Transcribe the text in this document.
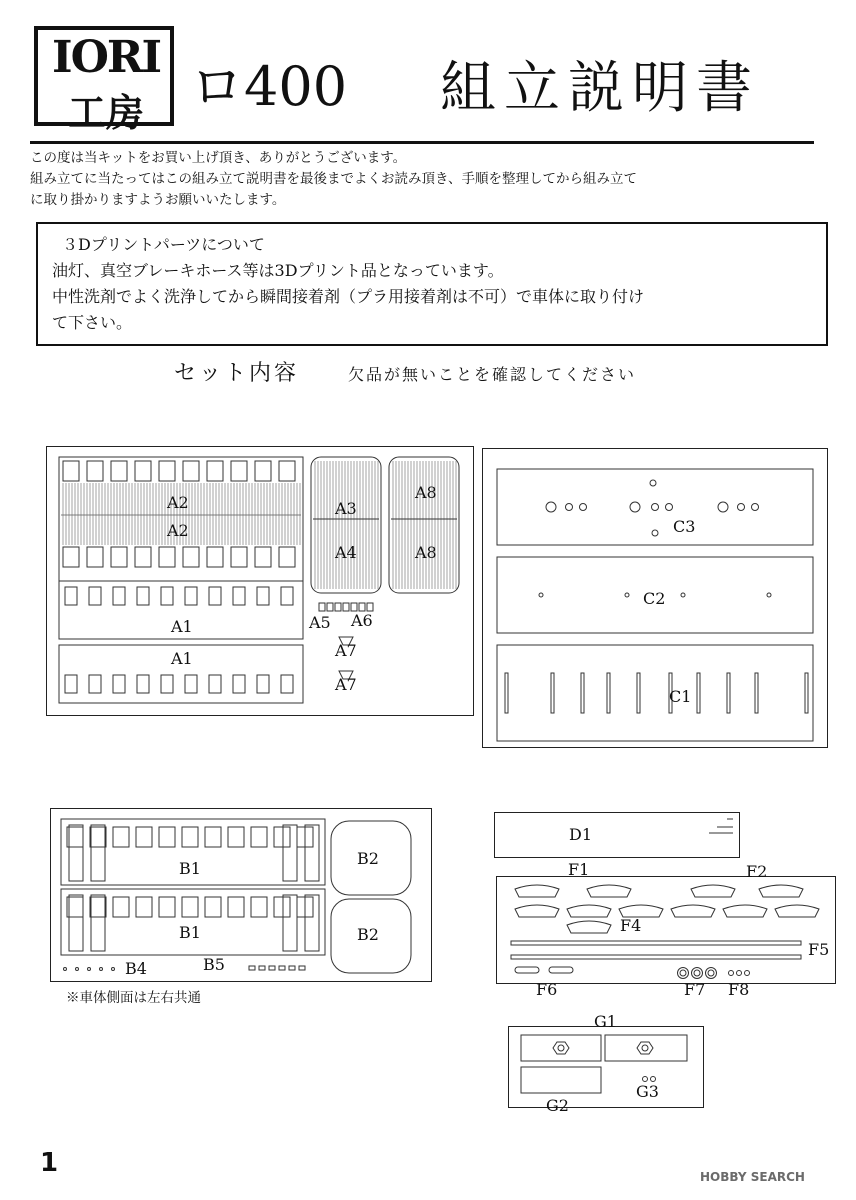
IORI
工房 ロ400 組立説明書
この度は当キットをお買い上げ頂き、ありがとうございます。
組み立てに当たってはこの組み立て説明書を最後までよくお読み頂き、手順を整理してから組み立て
に取り掛かりますようお願いいたします。
３Dプリントパーツについて
油灯、真空ブレーキホース等は3Dプリント品となっています。
中性洗剤でよく洗浄してから瞬間接着剤（プラ用接着剤は不可）で車体に取り付け
て下さい。
セット内容	欠品が無いことを確認してください
A2
A2
A3
A4
A8
A8
A1
A1
A5 A6
A7
A7
C3
C2
C1
B1
B1
B2
B2
B4	B5
※車体側面は左右共通
D1
F1	F2
F4
F5
F6	F7 F8
G1
G2
G3
1	HOBBY SEARCH
